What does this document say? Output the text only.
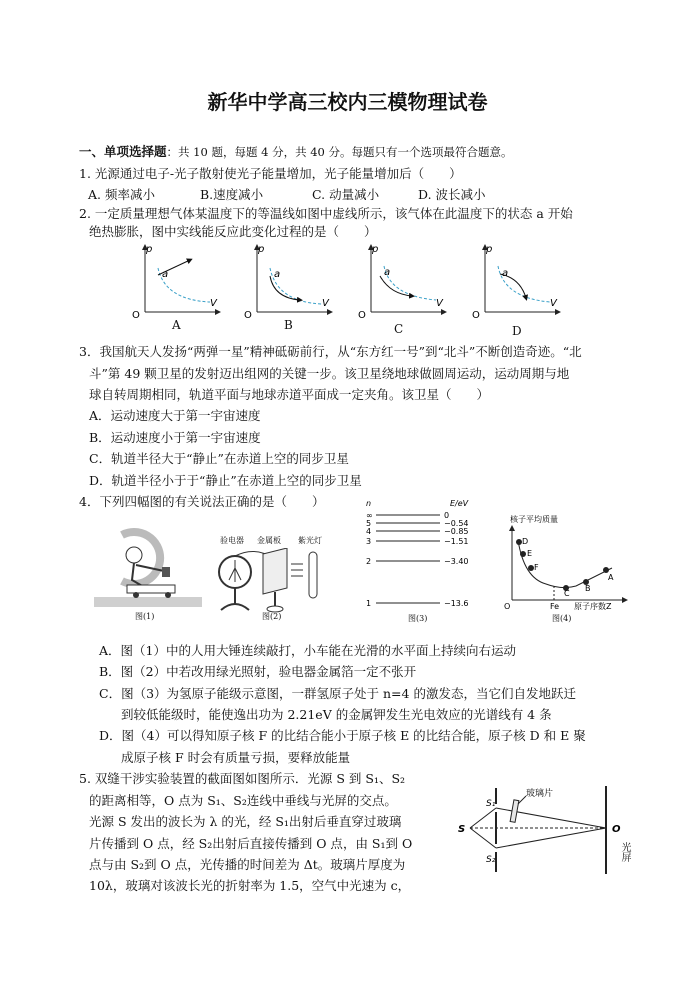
新华中学高三校内三模物理试卷
一、单项选择题：共 10 题，每题 4 分，共 40 分。每题只有一个选项最符合题意。
1. 光源通过电子-光子散射使光子能量增加，光子能量增加后（　　）
A. 频率减小	B.速度减小	C. 动量减小	D. 波长减小
2. 一定质量理想气体某温度下的等温线如图中虚线所示，该气体在此温度下的状态 a 开始
绝热膨胀，图中实线能反应此变化过程的是（　　）
p
V
O
a
p
V
O
a
p
V
O
a
p
V
O
a
A	B	C	D
3．我国航天人发扬“两弹一星”精神砥砺前行，从“东方红一号”到“北斗”不断创造奇迹。“北
斗”第 49 颗卫星的发射迈出组网的关键一步。该卫星绕地球做圆周运动，运动周期与地
球自转周期相同，轨道平面与地球赤道平面成一定夹角。该卫星（　　）
A．运动速度大于第一宇宙速度
B．运动速度小于第一宇宙速度
C．轨道半径大于“静止”在赤道上空的同步卫星
D．轨道半径小于于“静止”在赤道上空的同步卫星
4．下列四幅图的有关说法正确的是（　　）
图(1)
验电器 金属板 紫光灯
图(2)
n	E/eV
∞	0
5	−0.54
4	−0.85
3	−1.51
2	−3.40
1	−13.6
图(3)
核子平均质量
D
E
F
C
B
A
O	Fe 原子序数Z
图(4)
A．图（1）中的人用大锤连续敲打，小车能在光滑的水平面上持续向右运动
B．图（2）中若改用绿光照射，验电器金属箔一定不张开
C．图（3）为氢原子能级示意图，一群氢原子处于 n=4 的激发态，当它们自发地跃迁
到较低能级时，能使逸出功为 2.21eV 的金属钾发生光电效应的光谱线有 4 条
D．图（4）可以得知原子核 F 的比结合能小于原子核 E 的比结合能，原子核 D 和 E 聚
成原子核 F 时会有质量亏损，要释放能量
5. 双缝干涉实验装置的截面图如图所示．光源 S 到 S₁、S₂
的距离相等，O 点为 S₁、S₂连线中垂线与光屏的交点。
光源 S 发出的波长为 λ 的光，经 S₁出射后垂直穿过玻璃
片传播到 O 点，经 S₂出射后直接传播到 O 点，由 S₁到 O
点与由 S₂到 O 点，光传播的时间差为 Δt。玻璃片厚度为
10λ，玻璃对该波长光的折射率为 1.5，空气中光速为 c，
S
S₁
S₂
O
玻璃片
光屏
